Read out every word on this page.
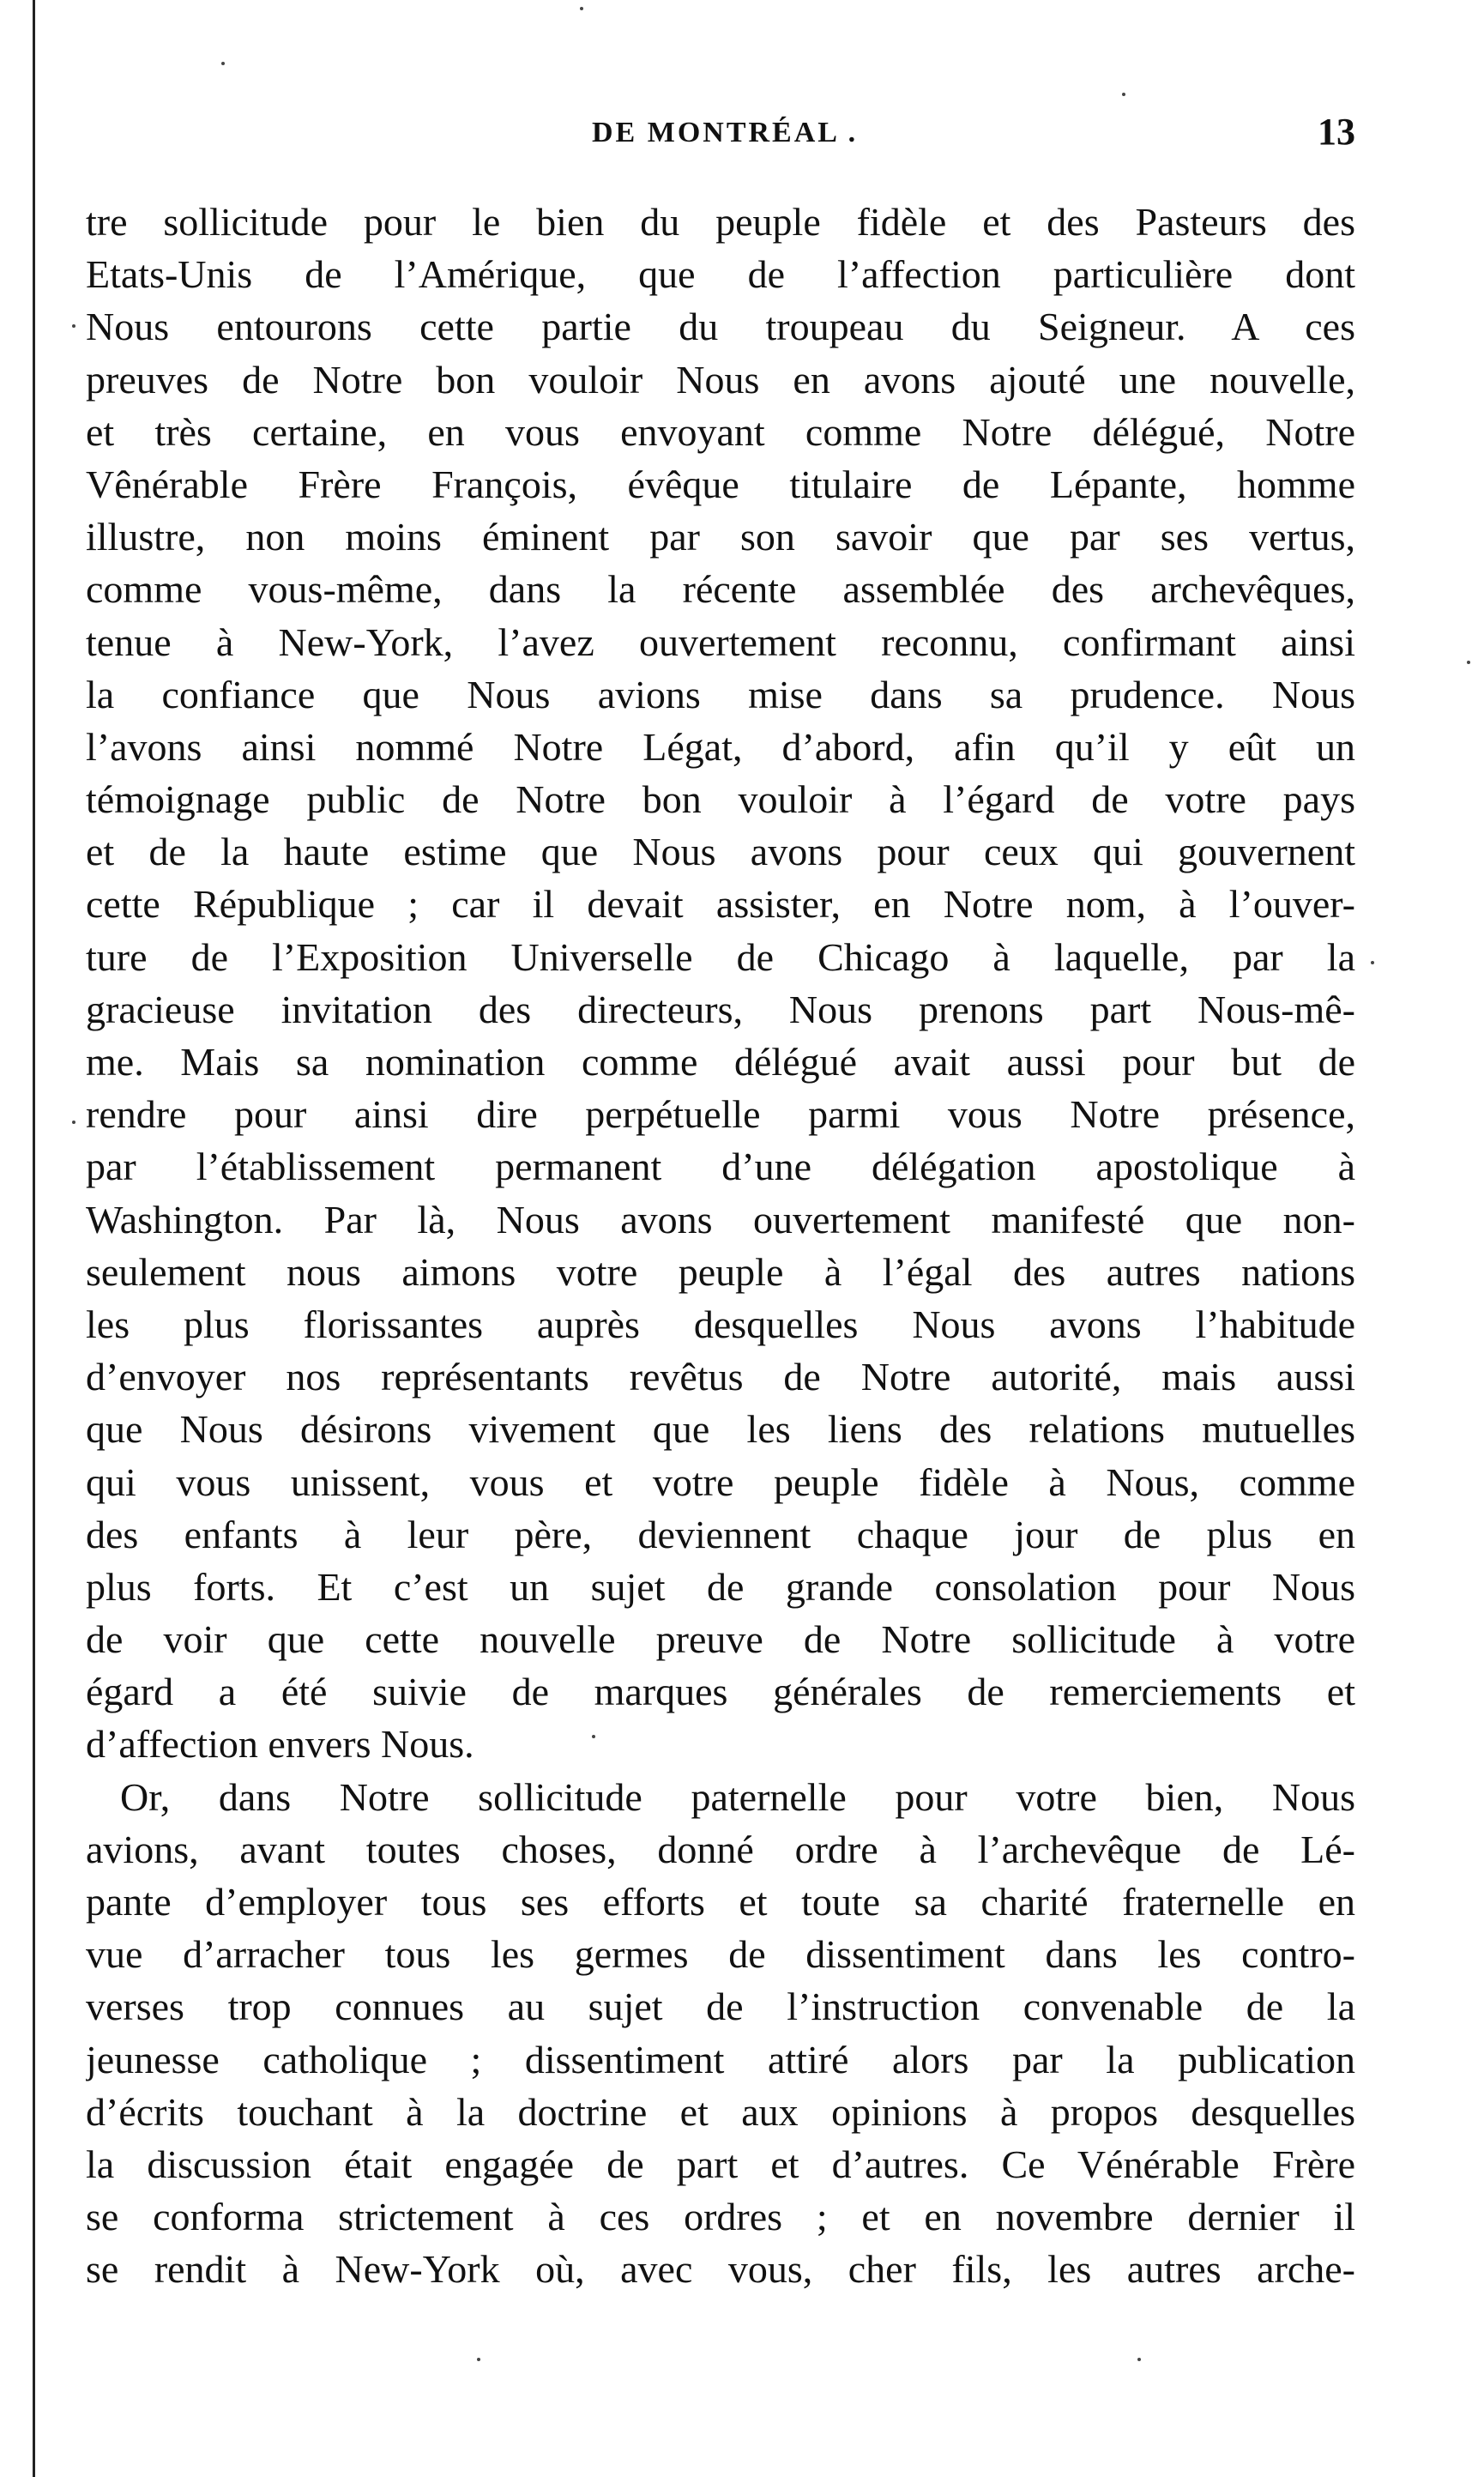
DE MONTRÉAL .	13
tre sollicitude pour le bien du peuple fidèle et des Pasteurs des
Etats-Unis de l’Amérique, que de l’affection particulière dont
Nous entourons cette partie du troupeau du Seigneur. A ces
preuves de Notre bon vouloir Nous en avons ajouté une nouvelle,
et très certaine, en vous envoyant comme Notre délégué, Notre
Vênérable Frère François, évêque titulaire de Lépante, homme
illustre, non moins éminent par son savoir que par ses vertus,
comme vous-même, dans la récente assemblée des archevêques,
tenue à New-York, l’avez ouvertement reconnu, confirmant ainsi
la confiance que Nous avions mise dans sa prudence. Nous
l’avons ainsi nommé Notre Légat, d’abord, afin qu’il y eût un
témoignage public de Notre bon vouloir à l’égard de votre pays
et de la haute estime que Nous avons pour ceux qui gouvernent
cette République ; car il devait assister, en Notre nom, à l’ouver-
ture de l’Exposition Universelle de Chicago à laquelle, par la
gracieuse invitation des directeurs, Nous prenons part Nous-mê-
me. Mais sa nomination comme délégué avait aussi pour but de
rendre pour ainsi dire perpétuelle parmi vous Notre présence,
par l’établissement permanent d’une délégation apostolique à
Washington. Par là, Nous avons ouvertement manifesté que non-
seulement nous aimons votre peuple à l’égal des autres nations
les plus florissantes auprès desquelles Nous avons l’habitude
d’envoyer nos représentants revêtus de Notre autorité, mais aussi
que Nous désirons vivement que les liens des relations mutuelles
qui vous unissent, vous et votre peuple fidèle à Nous, comme
des enfants à leur père, deviennent chaque jour de plus en
plus forts. Et c’est un sujet de grande consolation pour Nous
de voir que cette nouvelle preuve de Notre sollicitude à votre
égard a été suivie de marques générales de remerciements et
d’affection envers Nous.
Or, dans Notre sollicitude paternelle pour votre bien, Nous
avions, avant toutes choses, donné ordre à l’archevêque de Lé-
pante d’employer tous ses efforts et toute sa charité fraternelle en
vue d’arracher tous les germes de dissentiment dans les contro-
verses trop connues au sujet de l’instruction convenable de la
jeunesse catholique ; dissentiment attiré alors par la publication
d’écrits touchant à la doctrine et aux opinions à propos desquelles
la discussion était engagée de part et d’autres. Ce Vénérable Frère
se conforma strictement à ces ordres ; et en novembre dernier il
se rendit à New-York où, avec vous, cher fils, les autres arche-
